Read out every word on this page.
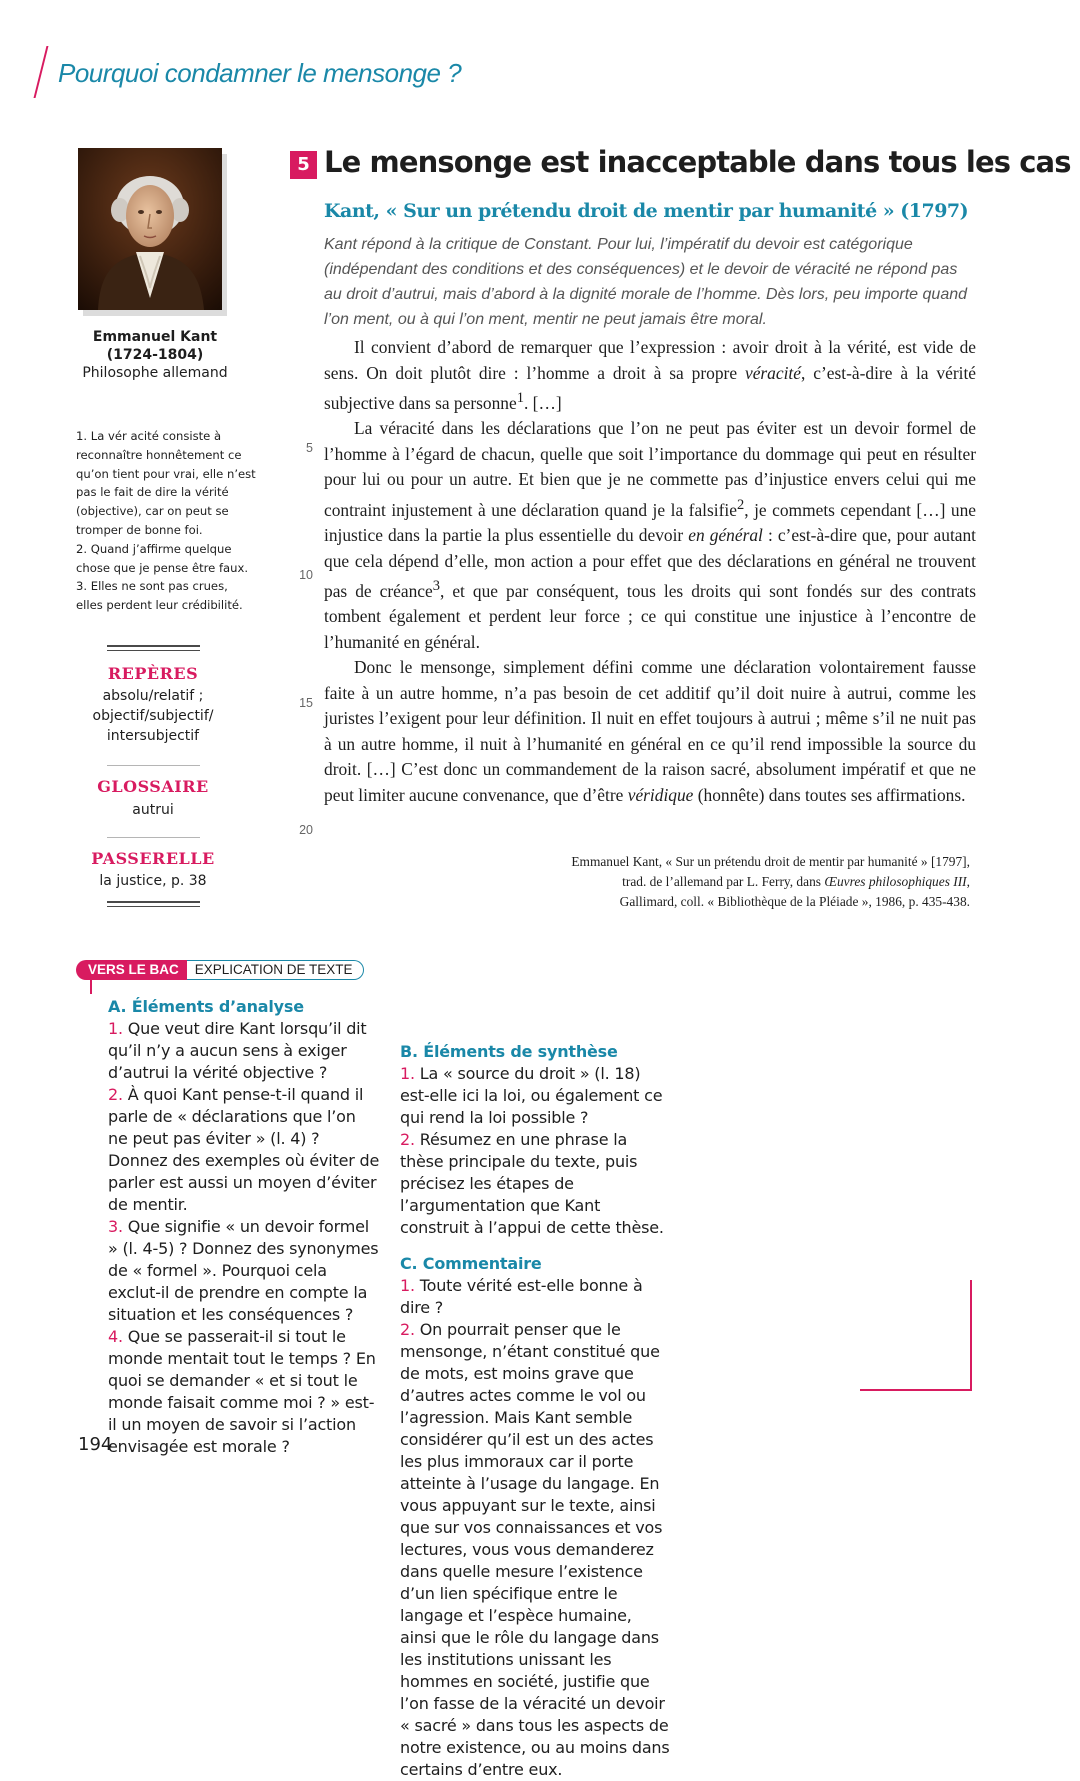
Pourquoi condamner le mensonge ?
Emmanuel Kant
(1724-1804)
Philosophe allemand
1. La vér acité consiste à reconnaître honnêtement ce qu’on tient pour vrai, elle n’est pas le fait de dire la vérité (objective), car on peut se tromper de bonne foi.
2. Quand j’affirme quelque chose que je pense être faux.
3. Elles ne sont pas crues, elles perdent leur crédibilité.
REPÈRES
absolu/relatif ; objectif/subjectif/ intersubjectif
GLOSSAIRE
autrui
PASSERELLE
la justice, p. 38
5 Le mensonge est inacceptable dans tous les cas
Kant, « Sur un prétendu droit de mentir par humanité » (1797)
Kant répond à la critique de Constant. Pour lui, l’impératif du devoir est catégorique (indépendant des conditions et des conséquences) et le devoir de véracité ne répond pas au droit d’autrui, mais d’abord à la dignité morale de l’homme. Dès lors, peu importe quand l’on ment, ou à qui l’on ment, mentir ne peut jamais être moral.
5
10
15
20

Il convient d’abord de remarquer que l’expression : avoir droit à la vérité, est vide de sens. On doit plutôt dire : l’homme a droit à sa propre véracité, c’est-à-dire à la vérité subjective dans sa personne$^1$. […]

La véracité dans les déclarations que l’on ne peut pas éviter est un devoir formel de l’homme à l’égard de chacun, quelle que soit l’importance du dommage qui peut en résulter pour lui ou pour un autre. Et bien que je ne commette pas d’injustice envers celui qui me contraint injustement à une déclaration quand je la falsifie$^2$, je commets cependant […] une injustice dans la partie la plus essentielle du devoir en général : c’est-à-dire que, pour autant que cela dépend d’elle, mon action a pour effet que des déclarations en général ne trouvent pas de créance$^3$, et que par conséquent, tous les droits qui sont fondés sur des contrats tombent également et perdent leur force ; ce qui constitue une injustice à l’encontre de l’humanité en général.

Donc le mensonge, simplement défini comme une déclaration volontairement fausse faite à un autre homme, n’a pas besoin de cet additif qu’il doit nuire à autrui, comme les juristes l’exigent pour leur définition. Il nuit en effet toujours à autrui ; même s’il ne nuit pas à un autre homme, il nuit à l’humanité en général en ce qu’il rend impossible la source du droit. […] C’est donc un commandement de la raison sacré, absolument impératif et que ne peut limiter aucune convenance, que d’être véridique (honnête) dans toutes ses affirmations.

Emmanuel Kant, « Sur un prétendu droit de mentir par humanité » [1797],
trad. de l’allemand par L. Ferry, dans Œuvres philosophiques III,
Gallimard, coll. « Bibliothèque de la Pléiade », 1986, p. 435-438.
VERS LE BAC	EXPLICATION DE TEXTE
A. Éléments d’analyse
1. Que veut dire Kant lorsqu’il dit qu’il n’y a aucun sens à exiger d’autrui la vérité objective ?
2. À quoi Kant pense-t-il quand il parle de « déclarations que l’on ne peut pas éviter » (l. 4) ? Donnez des exemples où éviter de parler est aussi un moyen d’éviter de mentir.
3. Que signifie « un devoir formel » (l. 4-5) ? Donnez des synonymes de « formel ». Pourquoi cela exclut-il de prendre en compte la situation et les conséquences ?
4. Que se passerait-il si tout le monde mentait tout le temps ? En quoi se demander « et si tout le monde faisait comme moi ? » est-il un moyen de savoir si l’action envisagée est morale ?
B. Éléments de synthèse
1. La « source du droit » (l. 18) est-elle ici la loi, ou également ce qui rend la loi possible ?
2. Résumez en une phrase la thèse principale du texte, puis précisez les étapes de l’argumentation que Kant construit à l’appui de cette thèse.
C. Commentaire
1. Toute vérité est-elle bonne à dire ?
2. On pourrait penser que le mensonge, n’étant constitué que de mots, est moins grave que d’autres actes comme le vol ou l’agression. Mais Kant semble considérer qu’il est un des actes les plus immoraux car il porte atteinte à l’usage du langage. En vous appuyant sur le texte, ainsi que sur vos connaissances et vos lectures, vous vous demanderez dans quelle mesure l’existence d’un lien spécifique entre le langage et l’espèce humaine, ainsi que le rôle du langage dans les institutions unissant les hommes en société, justifie que l’on fasse de la véracité un devoir « sacré » dans tous les aspects de notre existence, ou au moins dans certains d’entre eux.
194
